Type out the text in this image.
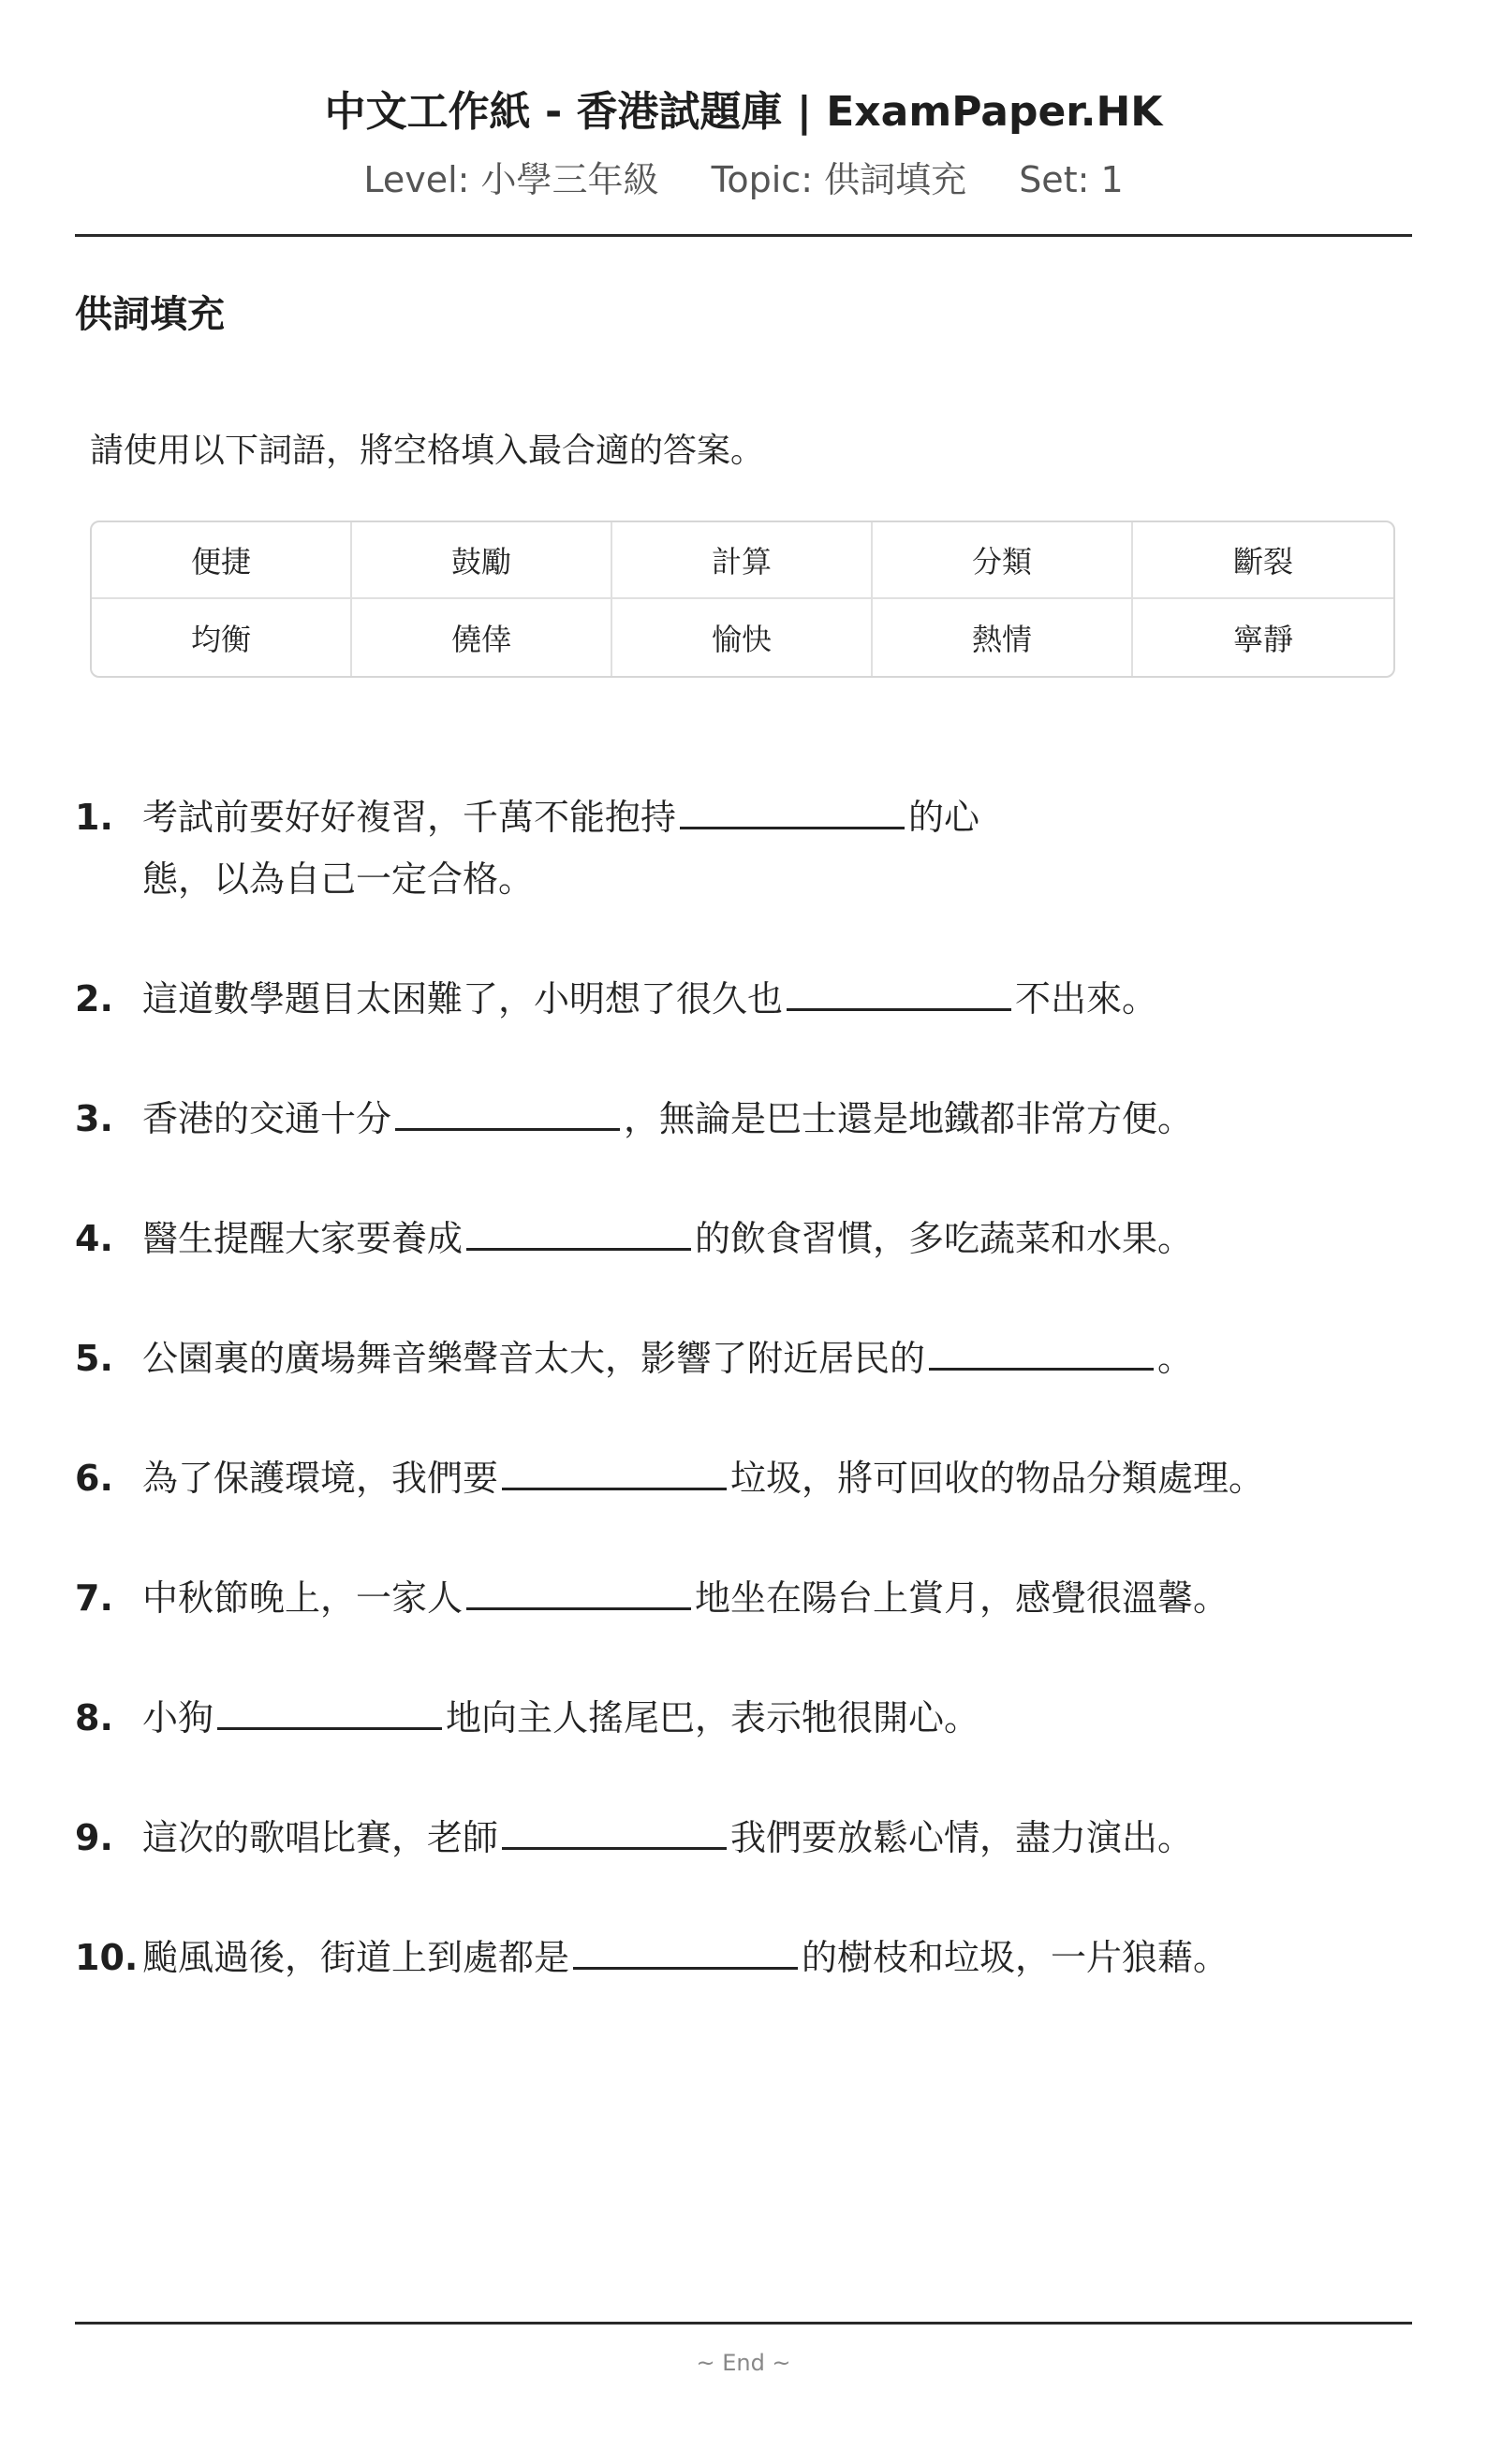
中文工作紙 - 香港試題庫 | ExamPaper.HK
Level: 小學三年級 Topic: 供詞填充 Set: 1
供詞填充
請使用以下詞語，將空格填入最合適的答案。
便捷	鼓勵	計算	分類	斷裂
均衡	僥倖	愉快	熱情	寧靜
1. 考試前要好好複習，千萬不能抱持	的心態，以為自己一定合格。
2. 這道數學題目太困難了，小明想了很久也	不出來。
3. 香港的交通十分	，無論是巴士還是地鐵都非常方便。
4. 醫生提醒大家要養成	的飲食習慣，多吃蔬菜和水果。
5. 公園裏的廣場舞音樂聲音太大，影響了附近居民的	。
6. 為了保護環境，我們要	垃圾，將可回收的物品分類處理。
7. 中秋節晚上，一家人	地坐在陽台上賞月，感覺很溫馨。
8. 小狗	地向主人搖尾巴，表示牠很開心。
9. 這次的歌唱比賽，老師	我們要放鬆心情，盡力演出。
10. 颱風過後，街道上到處都是	的樹枝和垃圾，一片狼藉。
~ End ~
